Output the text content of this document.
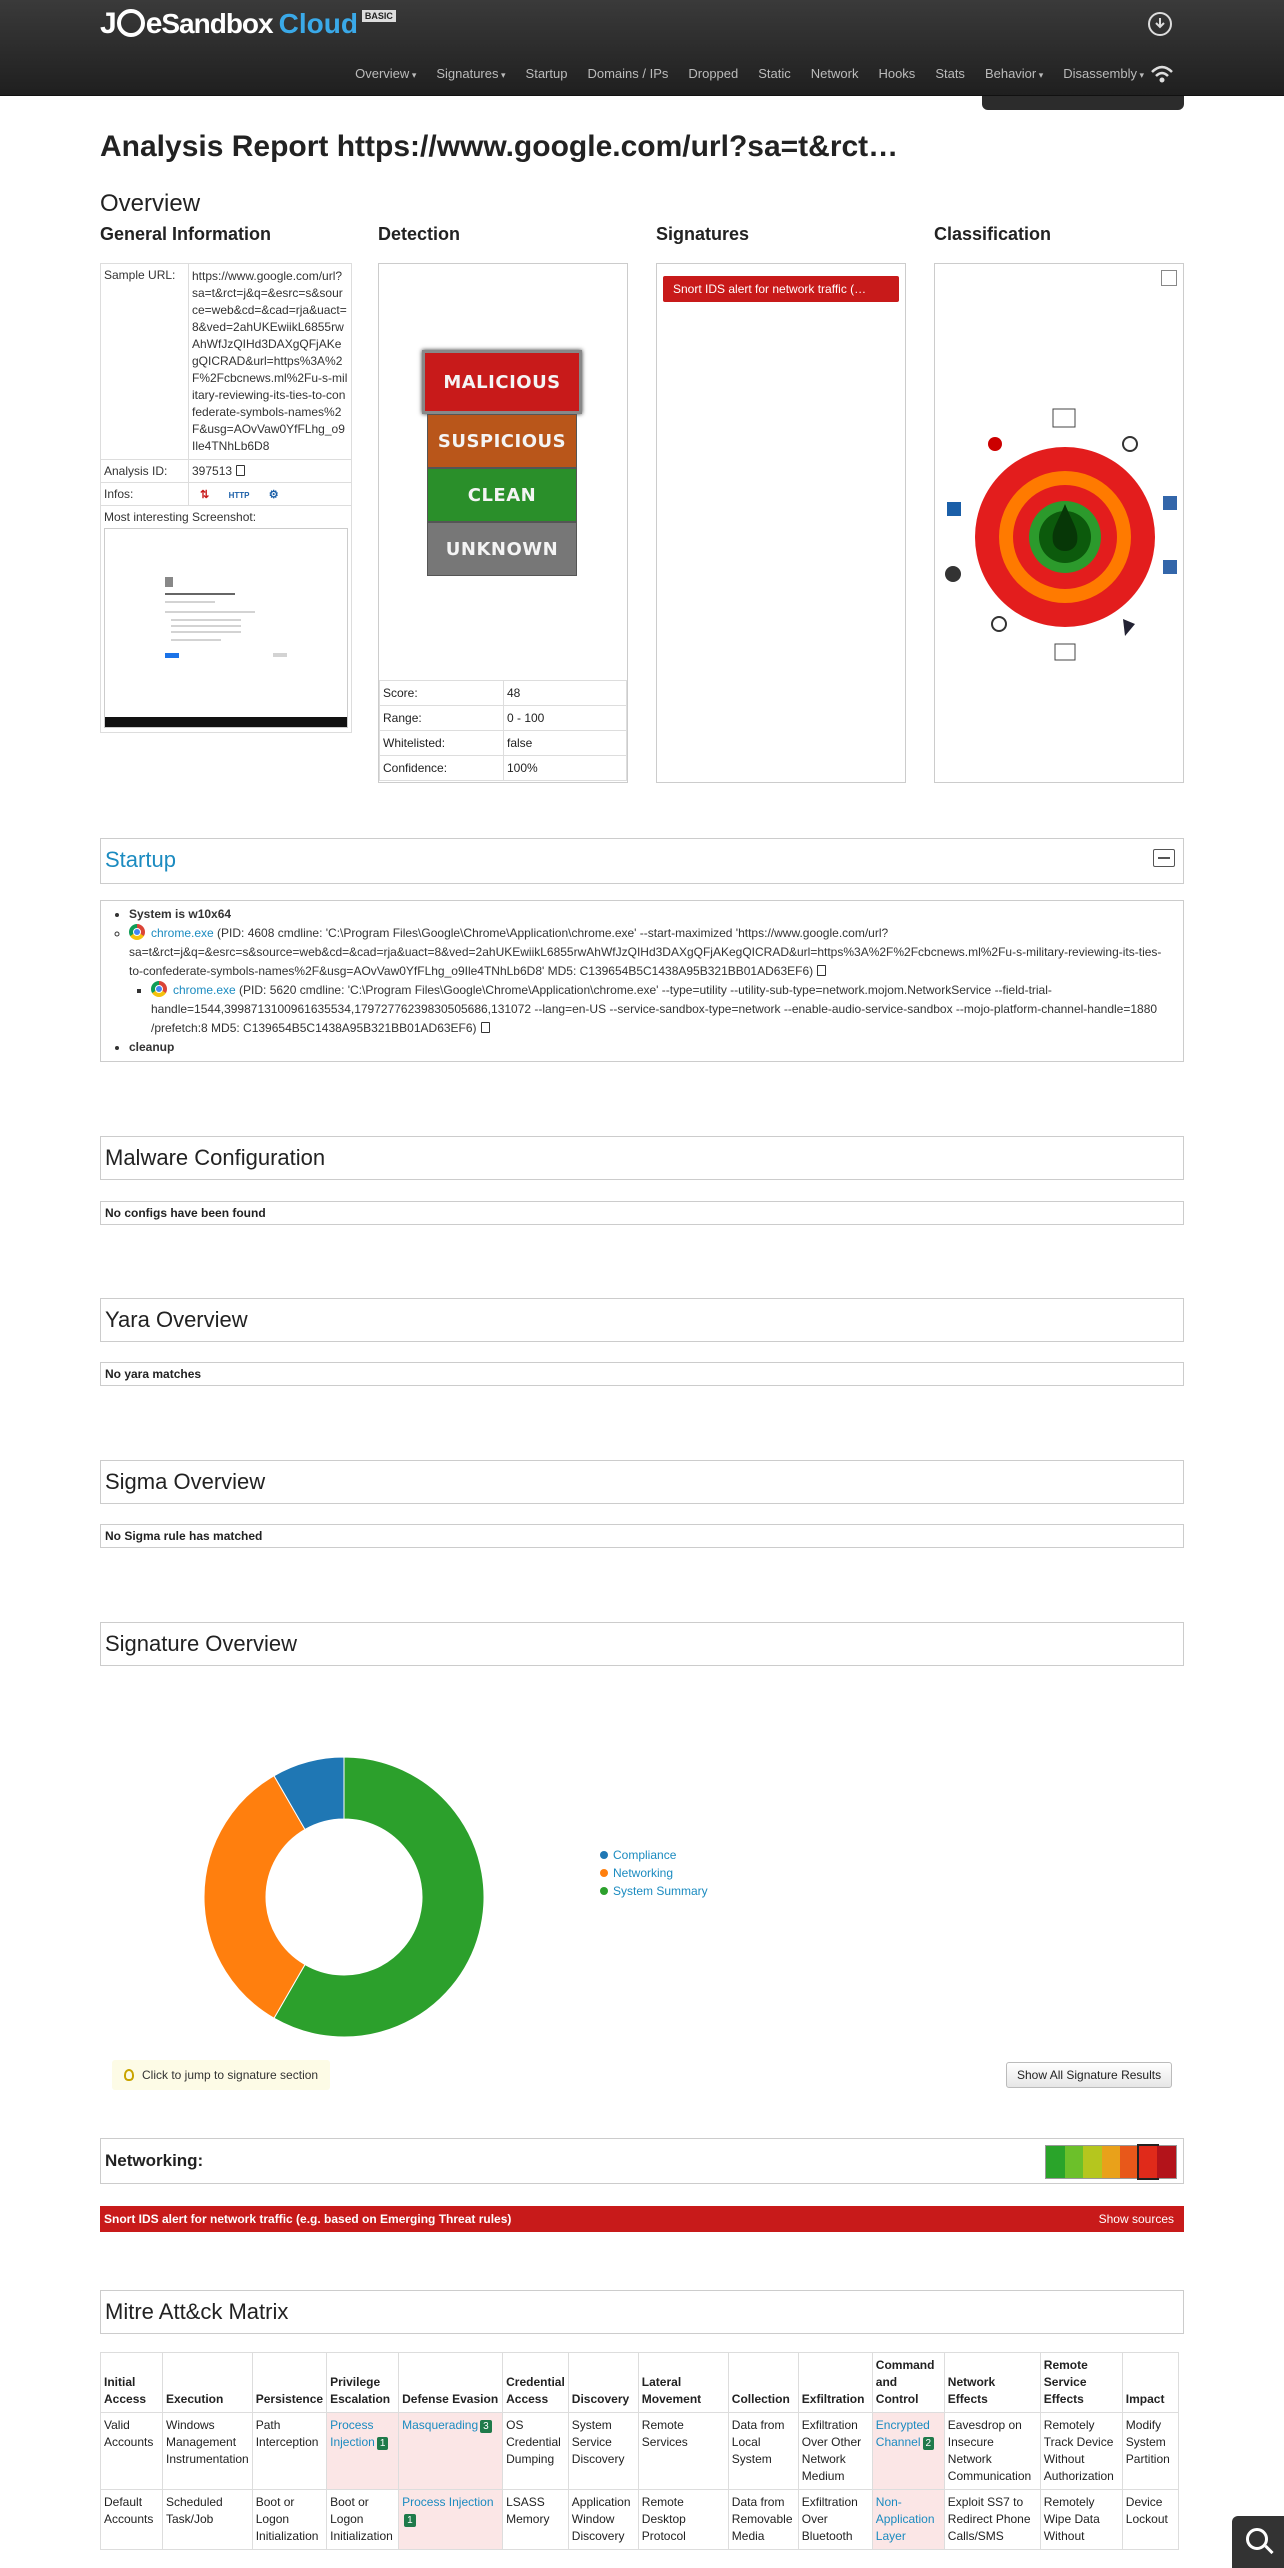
J e Sandbox Cloud BASIC
Overview ▾	Signatures ▾	Startup	Domains / IPs	Dropped	Static	Network	Hooks	Stats	Behavior ▾	Disassembly ▾
Analysis Report https://www.google.com/url?sa=t&rct…
Overview
General Information	Detection	Signatures	Classification
Sample URL:	https://www.google.com/url?sa=t&rct=j&q=&esrc=s&source=web&cd=&cad=rja&uact=8&ved=2ahUKEwiikL6855rwAhWfJzQIHd3DAXgQFjAKegQICRAD&url=https%3A%2F%2Fcbcnews.ml%2Fu-s-military-reviewing-its-ties-to-confederate-symbols-names%2F&usg=AOvVaw0YfFLhg_o9Ile4TNhLb6D8
Analysis ID:	397513
Infos:	⇅ HTTP ⚙

Most interesting Screenshot:	
MALICIOUS
SUSPICIOUS
CLEAN
UNKNOWN
Score:	48
Range:	0 - 100
Whitelisted:	false
Confidence:	100%
Snort IDS alert for network traffic (…
Startup
• System is w10x64
◦ chrome.exe (PID: 4608 cmdline: 'C:\Program Files\Google\Chrome\Application\chrome.exe' --start-maximized 'https://www.google.com/url?sa=t&rct=j&q=&esrc=s&source=web&cd=&cad=rja&uact=8&ved=2ahUKEwiikL6855rwAhWfJzQIHd3DAXgQFjAKegQICRAD&url=https%3A%2F%2Fcbcnews.ml%2Fu-s-military-reviewing-its-ties-to-confederate-symbols-names%2F&usg=AOvVaw0YfFLhg_o9Ile4TNhLb6D8' MD5: C139654B5C1438A95B321BB01AD63EF6)
▪ chrome.exe (PID: 5620 cmdline: 'C:\Program Files\Google\Chrome\Application\chrome.exe' --type=utility --utility-sub-type=network.mojom.NetworkService --field-trial-handle=1544,3998713100961635534,17972776239830505686,131072 --lang=en-US --service-sandbox-type=network --enable-audio-service-sandbox --mojo-platform-channel-handle=1880 /prefetch:8 MD5: C139654B5C1438A95B321BB01AD63EF6)
• cleanup
Malware Configuration
No configs have been found
Yara Overview
No yara matches
Sigma Overview
No Sigma rule has matched
Signature Overview
Compliance
Networking
System Summary
Click to jump to signature section	Show All Signature Results
Networking:
Snort IDS alert for network traffic (e.g. based on Emerging Threat rules)	Show sources
Mitre Att&ck Matrix
Initial Access	Execution	Persistence	Privilege Escalation	Defense Evasion	Credential Access	Discovery	Lateral Movement	Collection	Exfiltration	Command and Control	Network Effects	Remote Service Effects	Impact
Valid Accounts	Windows Management Instrumentation	Path Interception	Process Injection 1	Masquerading 3	OS Credential Dumping	System Service Discovery	Remote Services	Data from Local System	Exfiltration Over Other Network Medium	Encrypted Channel 2	Eavesdrop on Insecure Network Communication	Remotely Track Device Without Authorization	Modify System Partition
Default Accounts	Scheduled Task/Job	Boot or Logon Initialization	Boot or Logon Initialization	Process Injection1	LSASS Memory	Application Window Discovery	Remote Desktop Protocol	Data from Removable Media	Exfiltration Over Bluetooth	Non-Application Layer	Exploit SS7 to Redirect Phone Calls/SMS	Remotely Wipe Data Without	Device Lockout
